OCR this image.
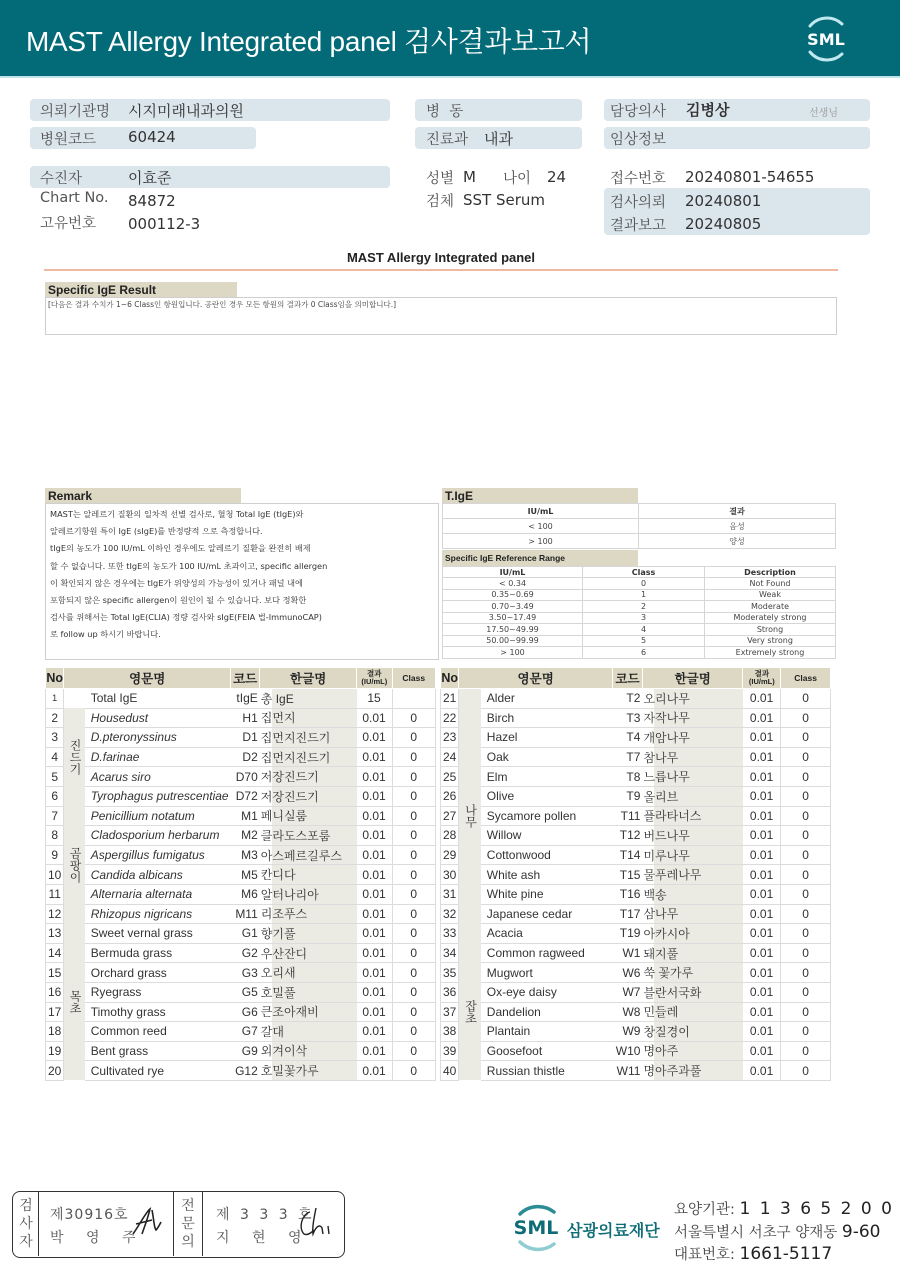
MAST Allergy Integrated panel 검사결과보고서	SML
의뢰기관명 시지미래내과의원
병원코드 60424
병  동
진료과 내과
담당의사 김병상	선생님
임상정보
수진자	이효준
Chart No. 84872
고유번호 000112-3
성별 M 나이 24
검체 SST Serum
접수번호 20240801-54655
검사의뢰 20240801
결과보고 20240805
MAST Allergy Integrated panel
Specific IgE Result
[다음은 결과 수치가 1~6 Class인 항원입니다. 공란인 경우 모든 항원의 결과가 0 Class임을 의미합니다.]
Remark
MAST는 알레르기 질환의 일차적 선별 검사로, 혈청 Total IgE (tIgE)와
알레르기항원 특이 IgE (sIgE)를 반정량적 으로 측정합니다.
tIgE의 농도가 100 IU/mL 이하인 경우에도 알레르기 질환을 완전히 배제
할 수 없습니다. 또한 tIgE의 농도가 100 IU/mL 초과이고, specific allergen
이 확인되지 않은 경우에는 tIgE가 위양성의 가능성이 있거나 패널 내에
포함되지 않은 specific allergen이 원인이 될 수 있습니다. 보다 정확한
검사를 위해서는 Total IgE(CLIA) 정량 검사와 sIgE(FEIA 법-ImmunoCAP)
로 follow up 하시기 바랍니다.
T.IgE
IU/mL	결과
< 100	음성
> 100	양성
Specific IgE Reference Range
IU/mL	Class	Description
< 0.34	0	Not Found
0.35~0.69	1	Weak
0.70~3.49	2	Moderate
3.50~17.49	3	Moderately strong
17.50~49.99	4	Strong
50.00~99.99	5	Very strong
> 100	6	Extremely strong
No	영문명		코드	한글명	결과
(IU/mL)	Class
1		Total IgE	tIgE	총 IgE	15	
2	진드기	Housedust	H1	집먼지	0.01	0
3		D.pteronyssinus	D1	집먼지진드기	0.01	0
4		D.farinae	D2	집먼지진드기	0.01	0
5		Acarus siro	D70	저장진드기	0.01	0
6		Tyrophagus putrescentiae	D72	저장진드기	0.01	0
7	곰팡이	Penicillium notatum	M1	페니실룸	0.01	0
8		Cladosporium herbarum	M2	클라도스포룸	0.01	0
9		Aspergillus fumigatus	M3	아스페르길루스	0.01	0
10		Candida albicans	M5	칸디다	0.01	0
11		Alternaria alternata	M6	알터나리아	0.01	0
12		Rhizopus nigricans	M11	리조푸스	0.01	0
13	목초	Sweet vernal grass	G1	향기풀	0.01	0
14		Bermuda grass	G2	우산잔디	0.01	0
15		Orchard grass	G3	오리새	0.01	0
16		Ryegrass	G5	호밀풀	0.01	0
17		Timothy grass	G6	큰조아재비	0.01	0
18		Common reed	G7	갈대	0.01	0
19		Bent grass	G9	외겨이삭	0.01	0
20		Cultivated rye	G12	호밀꽃가루	0.01	0
No	영문명		코드	한글명	결과
(IU/mL)	Class
21	나무	Alder	T2	오리나무	0.01	0
22		Birch	T3	자작나무	0.01	0
23		Hazel	T4	개암나무	0.01	0
24		Oak	T7	참나무	0.01	0
25		Elm	T8	느릅나무	0.01	0
26		Olive	T9	올리브	0.01	0
27		Sycamore pollen	T11	플라타너스	0.01	0
28		Willow	T12	버드나무	0.01	0
29		Cottonwood	T14	미루나무	0.01	0
30		White ash	T15	물푸레나무	0.01	0
31		White pine	T16	백송	0.01	0
32		Japanese cedar	T17	삼나무	0.01	0
33		Acacia	T19	아카시아	0.01	0
34	잡초	Common ragweed	W1	돼지풀	0.01	0
35		Mugwort	W6	쑥 꽃가루	0.01	0
36		Ox-eye daisy	W7	블란서국화	0.01	0
37		Dandelion	W8	민들레	0.01	0
38		Plantain	W9	창질경이	0.01	0
39		Goosefoot	W10	명아주	0.01	0
40		Russian thistle	W11	명아주과풀	0.01	0
검
사
자
제30916호
박 영 주
전
문
의
제 3 3 3 호
지 현 영	SML 삼광의료재단
요양기관: 1 1 3 6 5 2 0 0
서울특별시 서초구 양재동 9-60
대표번호: 1661-5117
